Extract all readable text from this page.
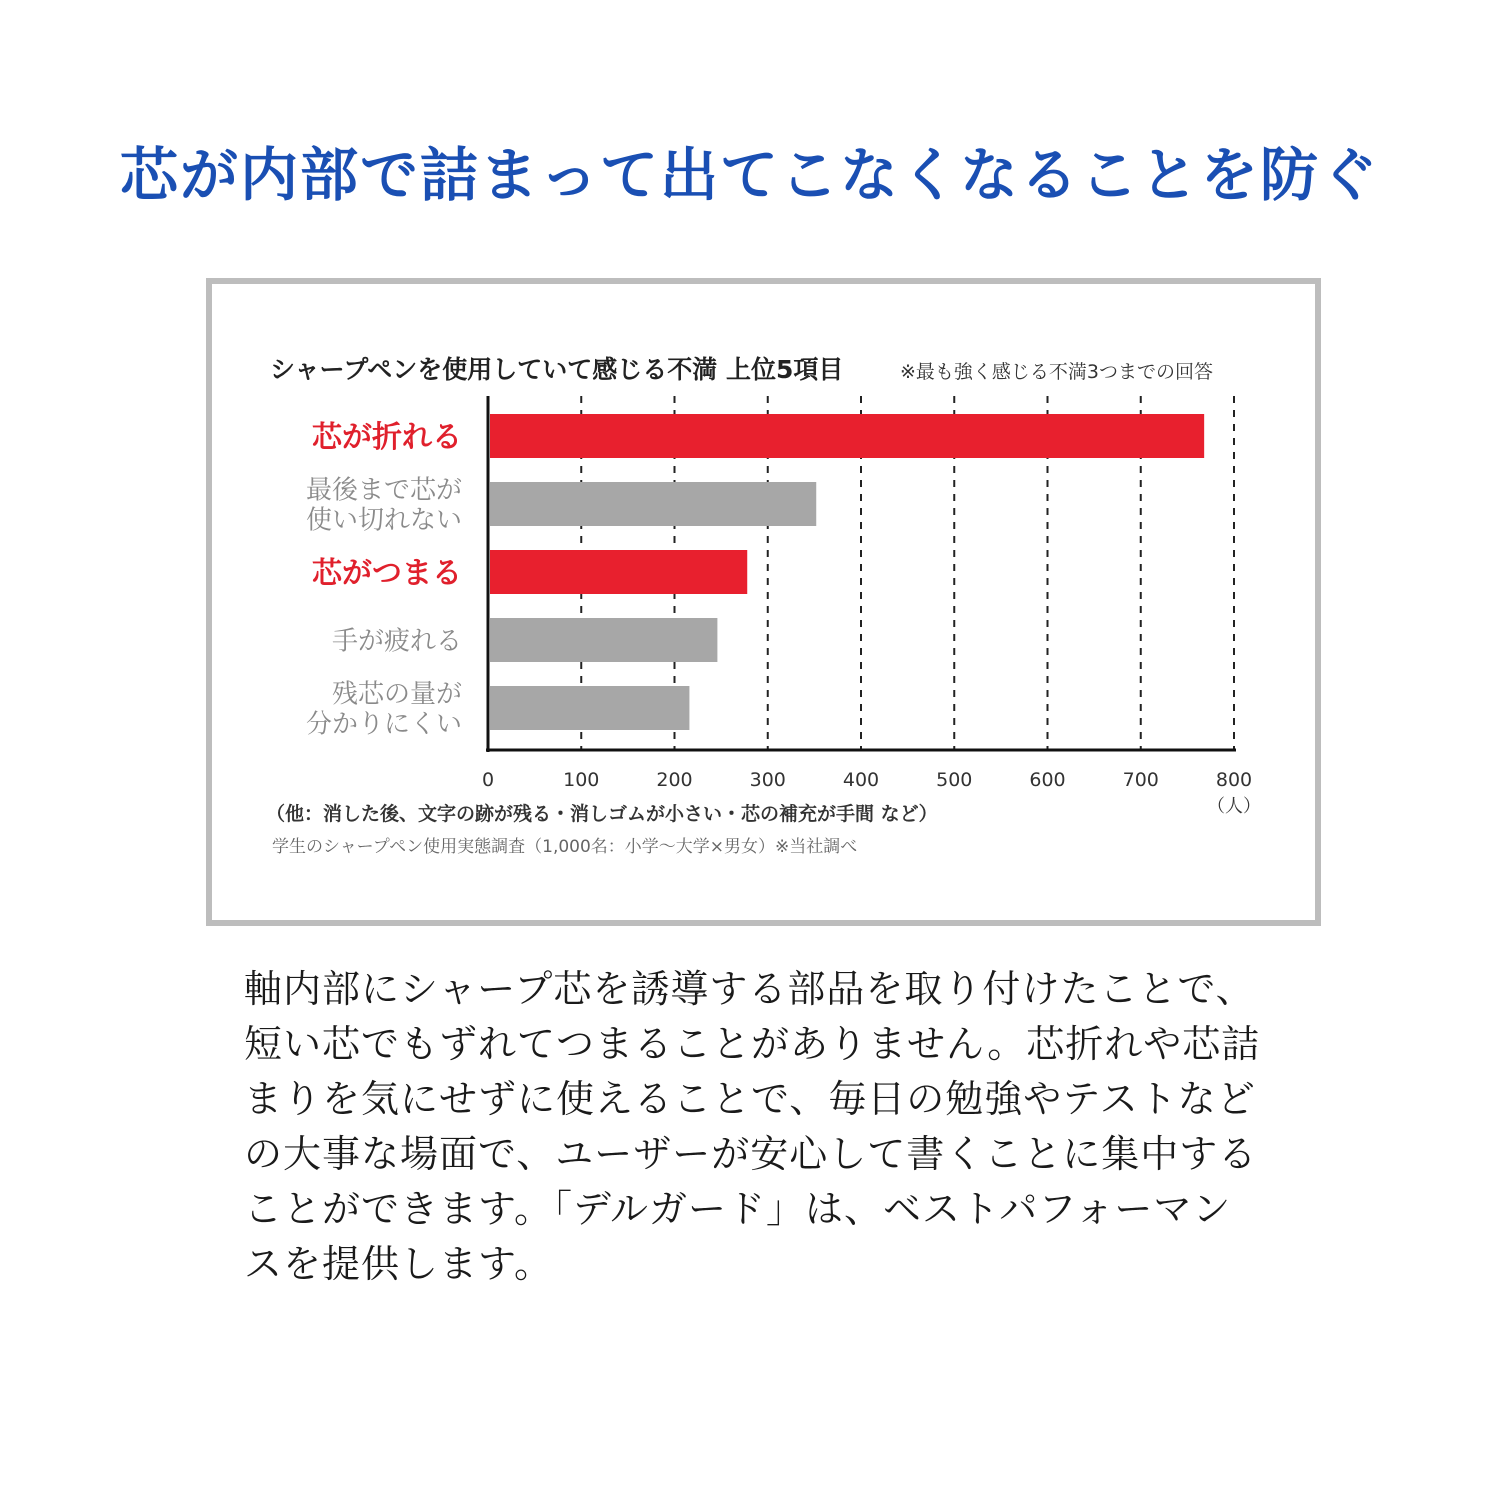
芯が内部で詰まって出てこなくなることを防ぐ
シャープペンを使用していて感じる不満 上位5項目	※最も強く感じる不満3つまでの回答
芯が折れる
最後まで芯が
使い切れない
芯がつまる
手が疲れる
残芯の量が
分かりにくい
0	100	200	300	400	500	600	700	800
（人）
（他：消した後、文字の跡が残る・消しゴムが小さい・芯の補充が手間 など）
学生のシャープペン使用実態調査（1,000名：小学〜大学×男女）※当社調べ

軸内部にシャープ芯を誘導する部品を取り付けたことで、
短い芯でもずれてつまることがありません。芯折れや芯詰
まりを気にせずに使えることで、毎日の勉強やテストなど
の大事な場面で、ユーザーが安心して書くことに集中する
ことができます。「デルガード」は、ベストパフォーマン
スを提供します。
